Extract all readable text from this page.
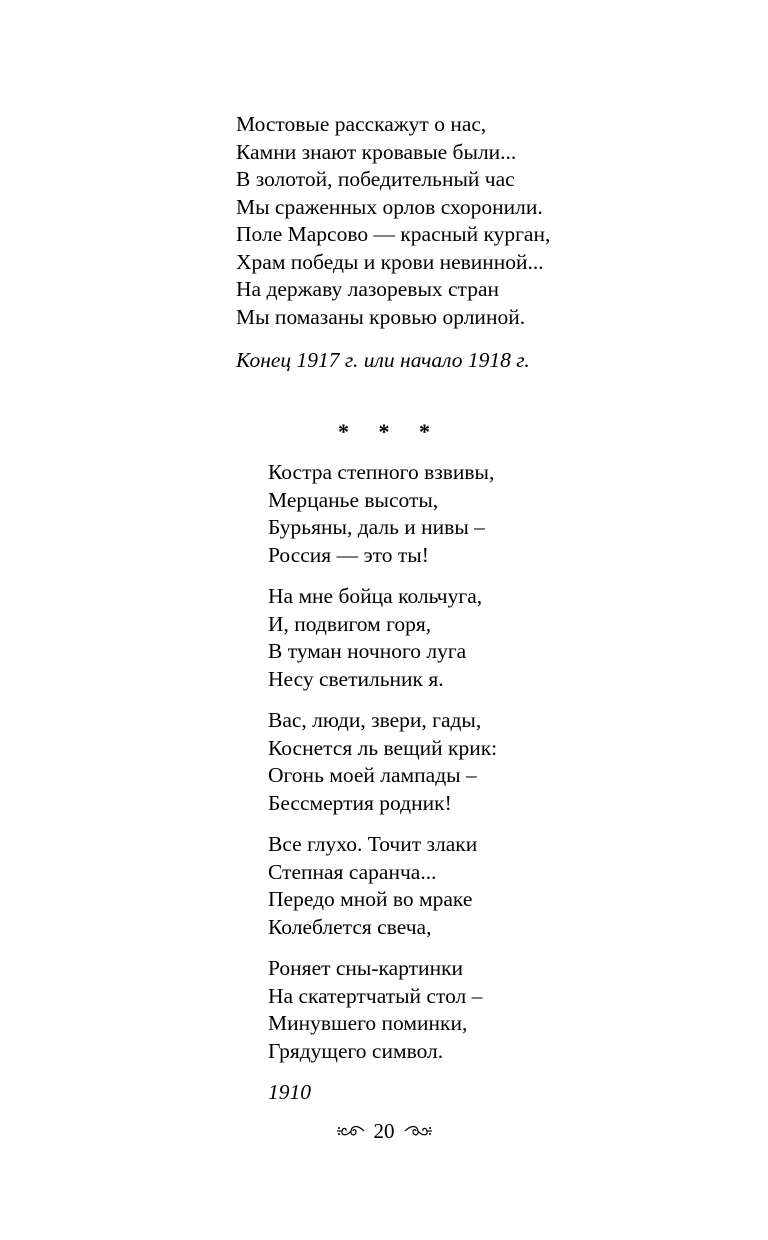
Мостовые расскажут о нас,
Камни знают кровавые были...
В золотой, победительный час
Мы сраженных орлов схоронили.
Поле Марсово — красный курган,
Храм победы и крови невинной...
На державу лазоревых стран
Мы помазаны кровью орлиной.
Конец 1917 г. или начало 1918 г.
* * *
Костра степного взвивы,
Мерцанье высоты,
Бурьяны, даль и нивы –
Россия — это ты!
На мне бойца кольчуга,
И, подвигом горя,
В туман ночного луга
Несу светильник я.
Вас, люди, звери, гады,
Коснется ль вещий крик:
Огонь моей лампады –
Бессмертия родник!
Все глухо. Точит злаки
Степная саранча...
Передо мной во мраке
Колеблется свеча,
Роняет сны-картинки
На скатертчатый стол –
Минувшего поминки,
Грядущего символ.
1910
20
